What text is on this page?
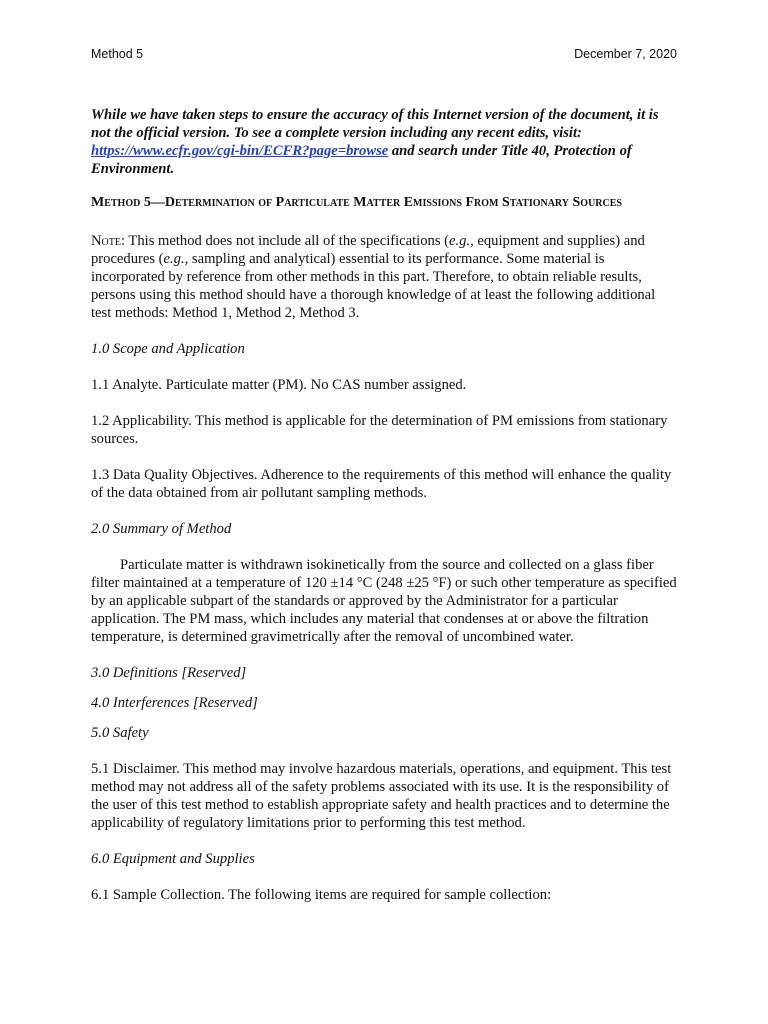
Method 5	December 7, 2020

While we have taken steps to ensure the accuracy of this Internet version of the document, it is not the official version. To see a complete version including any recent edits, visit: https://www.ecfr.gov/cgi-bin/ECFR?page=browse and search under Title 40, Protection of Environment.

Method 5—Determination of Particulate Matter Emissions From Stationary Sources

Note: This method does not include all of the specifications (e.g., equipment and supplies) and procedures (e.g., sampling and analytical) essential to its performance. Some material is incorporated by reference from other methods in this part. Therefore, to obtain reliable results, persons using this method should have a thorough knowledge of at least the following additional test methods: Method 1, Method 2, Method 3.

1.0 Scope and Application

1.1 Analyte. Particulate matter (PM). No CAS number assigned.

1.2 Applicability. This method is applicable for the determination of PM emissions from stationary sources.

1.3 Data Quality Objectives. Adherence to the requirements of this method will enhance the quality of the data obtained from air pollutant sampling methods.

2.0 Summary of Method

Particulate matter is withdrawn isokinetically from the source and collected on a glass fiber filter maintained at a temperature of 120 ±14 °C (248 ±25 °F) or such other temperature as specified by an applicable subpart of the standards or approved by the Administrator for a particular application. The PM mass, which includes any material that condenses at or above the filtration temperature, is determined gravimetrically after the removal of uncombined water.

3.0 Definitions [Reserved]
4.0 Interferences [Reserved]
5.0 Safety

5.1 Disclaimer. This method may involve hazardous materials, operations, and equipment. This test method may not address all of the safety problems associated with its use. It is the responsibility of the user of this test method to establish appropriate safety and health practices and to determine the applicability of regulatory limitations prior to performing this test method.

6.0 Equipment and Supplies

6.1 Sample Collection. The following items are required for sample collection:
